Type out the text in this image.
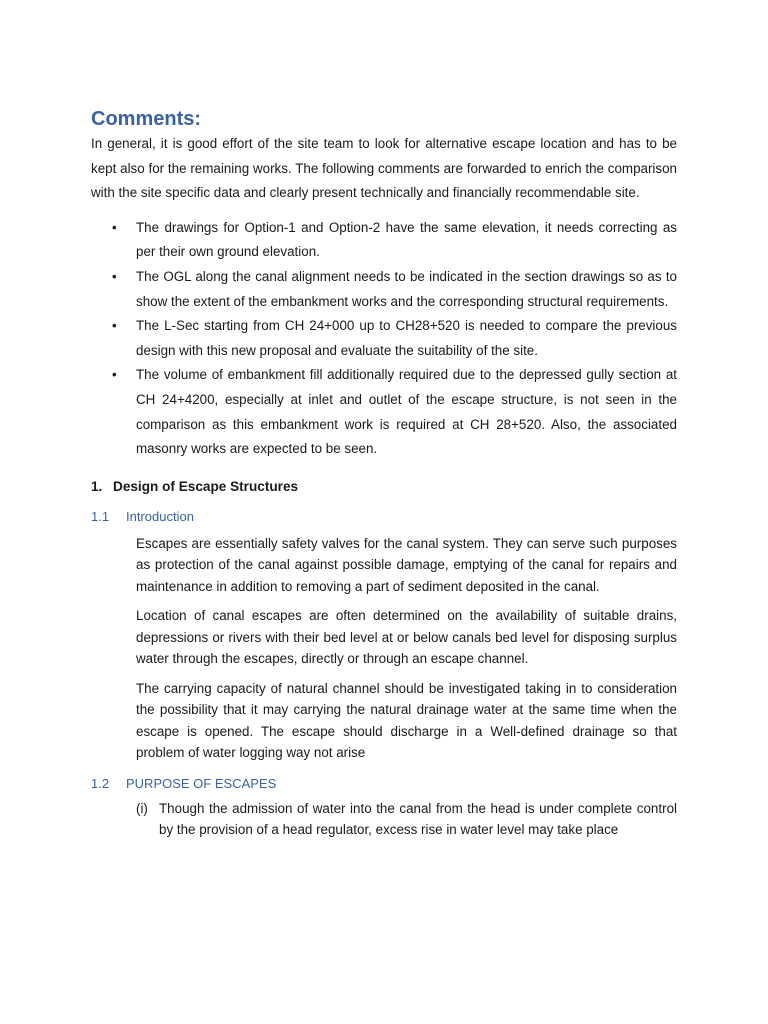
Comments:

In general, it is good effort of the site team to look for alternative escape location and has to be kept also for the remaining works. The following comments are forwarded to enrich the comparison with the site specific data and clearly present technically and financially recommendable site.

• The drawings for Option-1 and Option-2 have the same elevation, it needs correcting as per their own ground elevation.
• The OGL along the canal alignment needs to be indicated in the section drawings so as to show the extent of the embankment works and the corresponding structural requirements.
• The L-Sec starting from CH 24+000 up to CH28+520 is needed to compare the previous design with this new proposal and evaluate the suitability of the site.
• The volume of embankment fill additionally required due to the depressed gully section at CH 24+4200, especially at inlet and outlet of the escape structure, is not seen in the comparison as this embankment work is required at CH 28+520. Also, the associated masonry works are expected to be seen.
1. Design of Escape Structures
1.1 Introduction

Escapes are essentially safety valves for the canal system. They can serve such purposes as protection of the canal against possible damage, emptying of the canal for repairs and maintenance in addition to removing a part of sediment deposited in the canal.

Location of canal escapes are often determined on the availability of suitable drains, depressions or rivers with their bed level at or below canals bed level for disposing surplus water through the escapes, directly or through an escape channel.

The carrying capacity of natural channel should be investigated taking in to consideration the possibility that it may carrying the natural drainage water at the same time when the escape is opened. The escape should discharge in a Well-defined drainage so that problem of water logging way not arise

1.2 PURPOSE OF ESCAPES
(i) Though the admission of water into the canal from the head is under complete control by the provision of a head regulator, excess rise in water level may take place
